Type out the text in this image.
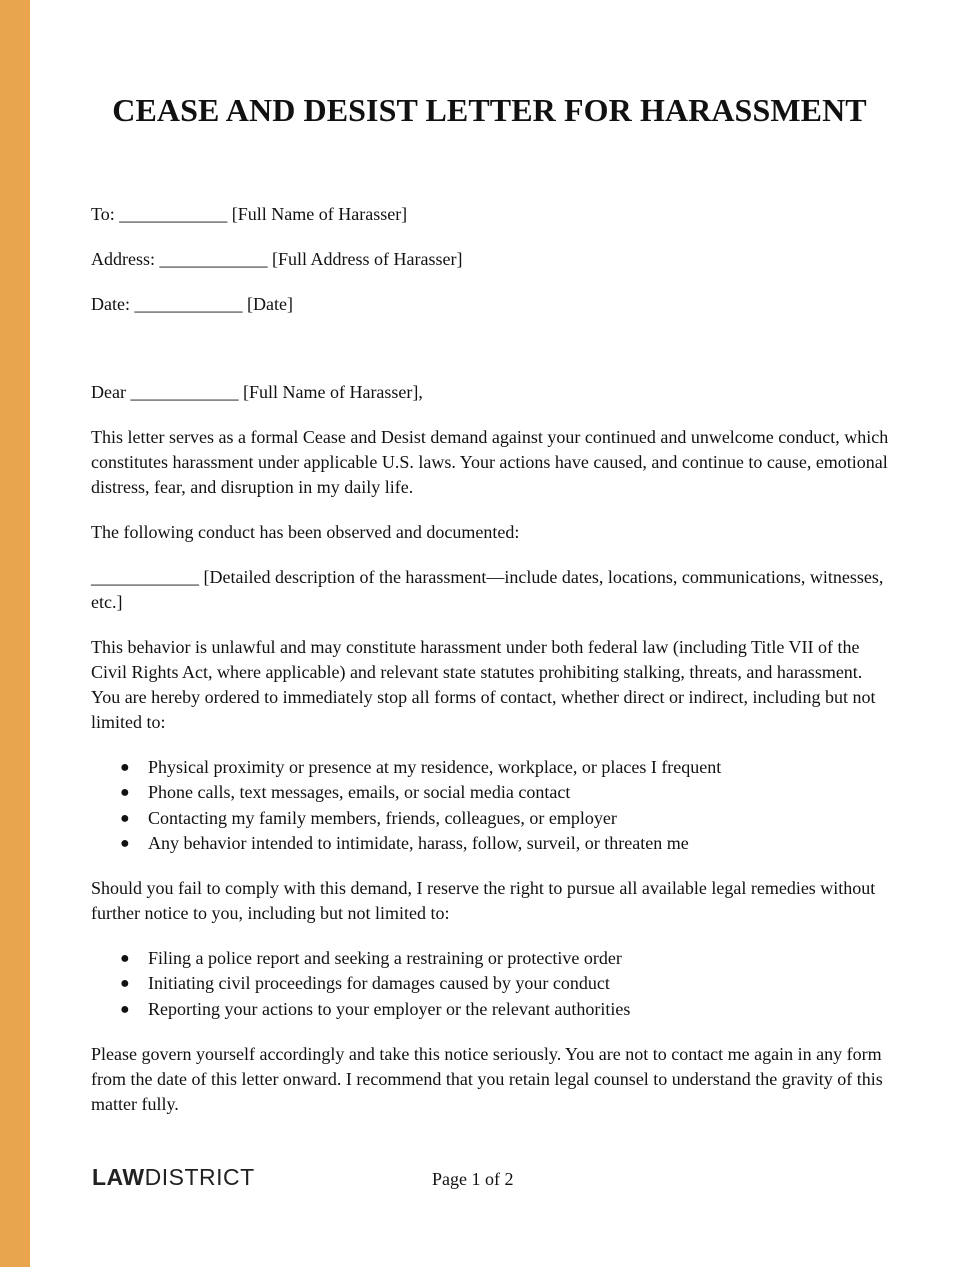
CEASE AND DESIST LETTER FOR HARASSMENT

To: ____________ [Full Name of Harasser]

Address: ____________ [Full Address of Harasser]

Date: ____________ [Date]

Dear ____________ [Full Name of Harasser],

This letter serves as a formal Cease and Desist demand against your continued and unwelcome conduct, which constitutes harassment under applicable U.S. laws. Your actions have caused, and continue to cause, emotional distress, fear, and disruption in my daily life.

The following conduct has been observed and documented:

____________ [Detailed description of the harassment—include dates, locations, communications, witnesses, etc.]

This behavior is unlawful and may constitute harassment under both federal law (including Title VII of the Civil Rights Act, where applicable) and relevant state statutes prohibiting stalking, threats, and harassment. You are hereby ordered to immediately stop all forms of contact, whether direct or indirect, including but not limited to:

● Physical proximity or presence at my residence, workplace, or places I frequent
● Phone calls, text messages, emails, or social media contact
● Contacting my family members, friends, colleagues, or employer
● Any behavior intended to intimidate, harass, follow, surveil, or threaten me

Should you fail to comply with this demand, I reserve the right to pursue all available legal remedies without further notice to you, including but not limited to:

● Filing a police report and seeking a restraining or protective order
● Initiating civil proceedings for damages caused by your conduct
● Reporting your actions to your employer or the relevant authorities

Please govern yourself accordingly and take this notice seriously. You are not to contact me again in any form from the date of this letter onward. I recommend that you retain legal counsel to understand the gravity of this matter fully.

LAWDISTRICT	Page 1 of 2
